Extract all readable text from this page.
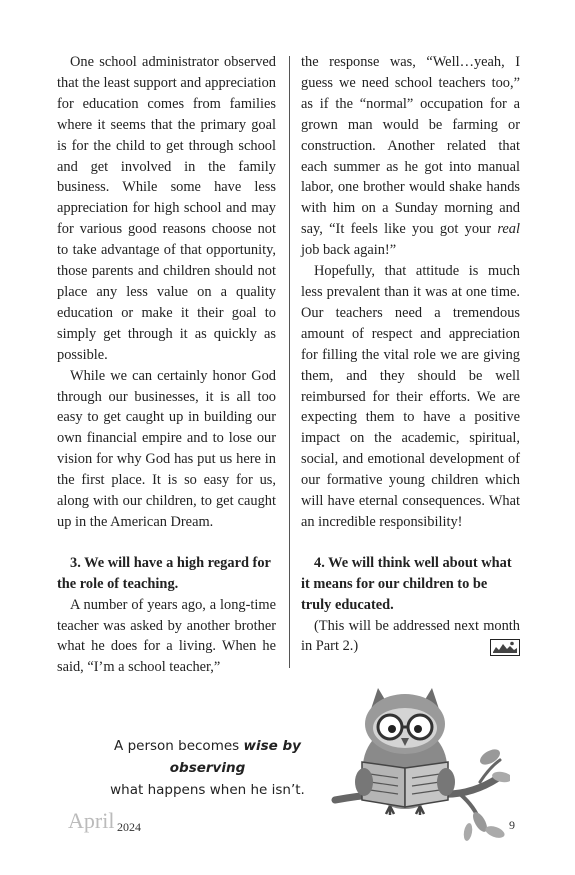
One school administrator observed that the least support and appreciation for education comes from families where it seems that the primary goal is for the child to get through school and get involved in the family business. While some have less appreciation for high school and may for various good reasons choose not to take advantage of that opportunity, those parents and children should not place any less value on a quality education or make it their goal to simply get through it as quickly as possible.

While we can certainly honor God through our businesses, it is all too easy to get caught up in building our own financial empire and to lose our vision for why God has put us here in the first place. It is so easy for us, along with our children, to get caught up in the American Dream.

3. We will have a high regard for the role of teaching.

A number of years ago, a long-time teacher was asked by another brother what he does for a living. When he said, “I’m a school teacher,”

the response was, “Well…yeah, I guess we need school teachers too,” as if the “normal” occupation for a grown man would be farming or construction. Another related that each summer as he got into manual labor, one brother would shake hands with him on a Sunday morning and say, “It feels like you got your real job back again!”

Hopefully, that attitude is much less prevalent than it was at one time. Our teachers need a tremendous amount of respect and appreciation for filling the vital role we are giving them, and they should be well reimbursed for their efforts. We are expecting them to have a positive impact on the academic, spiritual, social, and emotional development of our formative young children which will have eternal consequences. What an incredible responsibility!

4. We will think well about what it means for our children to be truly educated.

(This will be addressed next month in Part 2.)

A person becomes wise by observing
what happens when he isn’t.
April 2024	9
